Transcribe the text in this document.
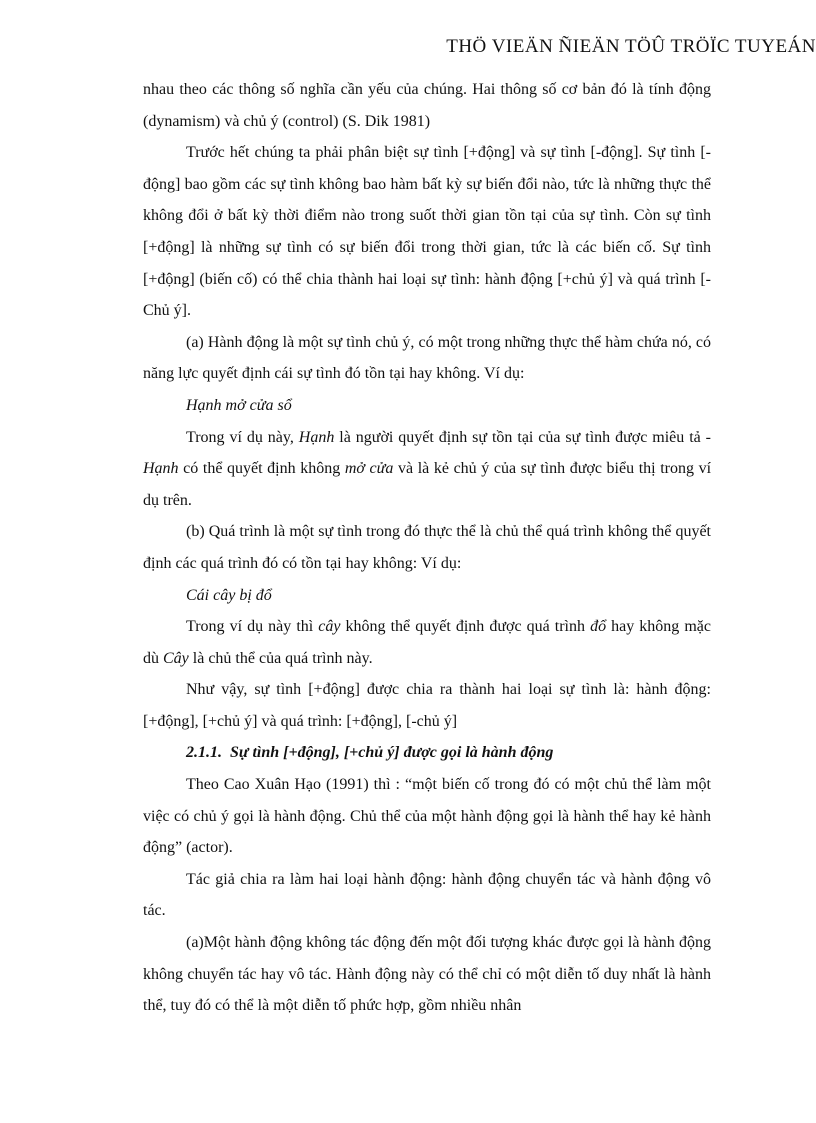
THÖ VIEÄN ÑIEÄN TÖÛ TRÖÏC TUYEÁN

nhau theo các thông số nghĩa cần yếu của chúng. Hai thông số cơ bản đó là tính động (dynamism) và chủ ý (control) (S. Dik 1981)

Trước hết chúng ta phải phân biệt sự tình [+động] và sự tình [-động]. Sự tình [-động] bao gồm các sự tình không bao hàm bất kỳ sự biến đổi nào, tức là những thực thể không đổi ở bất kỳ thời điểm nào trong suốt thời gian tồn tại của sự tình. Còn sự tình [+động] là những sự tình có sự biến đổi trong thời gian, tức là các biến cố. Sự tình [+động] (biến cố) có thể chia thành hai loại sự tình: hành động [+chủ ý] và quá trình [-Chủ ý].

(a) Hành động là một sự tình chủ ý, có một trong những thực thể hàm chứa nó, có năng lực quyết định cái sự tình đó tồn tại hay không. Ví dụ:

Hạnh mở cửa sổ

Trong ví dụ này, Hạnh là người quyết định sự tồn tại của sự tình được miêu tả - Hạnh có thể quyết định không mở cửa và là kẻ chủ ý của sự tình được biểu thị trong ví dụ trên.

(b) Quá trình là một sự tình trong đó thực thể là chủ thể quá trình không thể quyết định các quá trình đó có tồn tại hay không: Ví dụ:

Cái cây bị đổ

Trong ví dụ này thì cây không thể quyết định được quá trình đổ hay không mặc dù Cây là chủ thể của quá trình này.

Như vậy, sự tình [+động] được chia ra thành hai loại sự tình là: hành động: [+động], [+chủ ý] và quá trình: [+động], [-chủ ý]

2.1.1. Sự tình [+động], [+chủ ý] được gọi là hành động

Theo Cao Xuân Hạo (1991) thì : “một biến cố trong đó có một chủ thể làm một việc có chủ ý gọi là hành động. Chủ thể của một hành động gọi là hành thể hay kẻ hành động” (actor).

Tác giả chia ra làm hai loại hành động: hành động chuyển tác và hành động vô tác.

(a)Một hành động không tác động đến một đối tượng khác được gọi là hành động không chuyển tác hay vô tác. Hành động này có thể chỉ có một diễn tố duy nhất là hành thể, tuy đó có thể là một diễn tố phức hợp, gồm nhiều nhân
